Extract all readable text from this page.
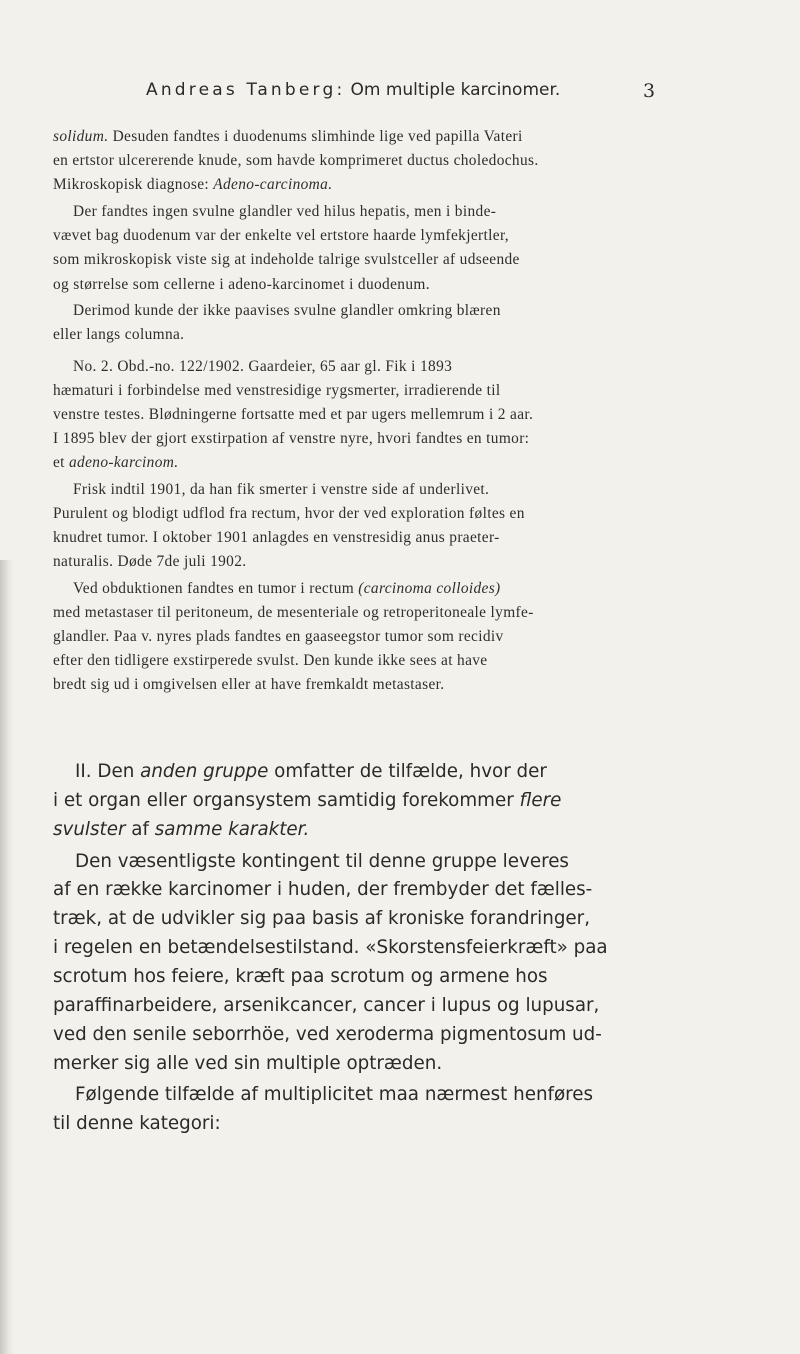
Andreas Tanberg: Om multiple karcinomer.	3
solidum. Desuden fandtes i duodenums slimhinde lige ved papilla Vateri
en ertstor ulcererende knude, som havde komprimeret ductus choledochus.
Mikroskopisk diagnose: Adeno-carcinoma.
Der fandtes ingen svulne glandler ved hilus hepatis, men i binde-
vævet bag duodenum var der enkelte vel ertstore haarde lymfekjertler,
som mikroskopisk viste sig at indeholde talrige svulstceller af udseende
og størrelse som cellerne i adeno-karcinomet i duodenum.
Derimod kunde der ikke paavises svulne glandler omkring blæren
eller langs columna.
No. 2. Obd.-no. 122/1902. Gaardeier, 65 aar gl. Fik i 1893
hæmaturi i forbindelse med venstresidige rygsmerter, irradierende til
venstre testes. Blødningerne fortsatte med et par ugers mellemrum i 2 aar.
I 1895 blev der gjort exstirpation af venstre nyre, hvori fandtes en tumor:
et adeno-karcinom.
Frisk indtil 1901, da han fik smerter i venstre side af underlivet.
Purulent og blodigt udflod fra rectum, hvor der ved exploration føltes en
knudret tumor. I oktober 1901 anlagdes en venstresidig anus praeter-
naturalis. Døde 7de juli 1902.
Ved obduktionen fandtes en tumor i rectum (carcinoma colloides)
med metastaser til peritoneum, de mesenteriale og retroperitoneale lymfe-
glandler. Paa v. nyres plads fandtes en gaaseegstor tumor som recidiv
efter den tidligere exstirperede svulst. Den kunde ikke sees at have
bredt sig ud i omgivelsen eller at have fremkaldt metastaser.
II. Den anden gruppe omfatter de tilfælde, hvor der
i et organ eller organsystem samtidig forekommer flere
svulster af samme karakter.
Den væsentligste kontingent til denne gruppe leveres
af en række karcinomer i huden, der frembyder det fælles-
træk, at de udvikler sig paa basis af kroniske forandringer,
i regelen en betændelsestilstand. «Skorstensfeierkræft» paa
scrotum hos feiere, kræft paa scrotum og armene hos
paraffinarbeidere, arsenikcancer, cancer i lupus og lupusar,
ved den senile seborrhöe, ved xeroderma pigmentosum ud-
merker sig alle ved sin multiple optræden.
Følgende tilfælde af multiplicitet maa nærmest henføres
til denne kategori:
